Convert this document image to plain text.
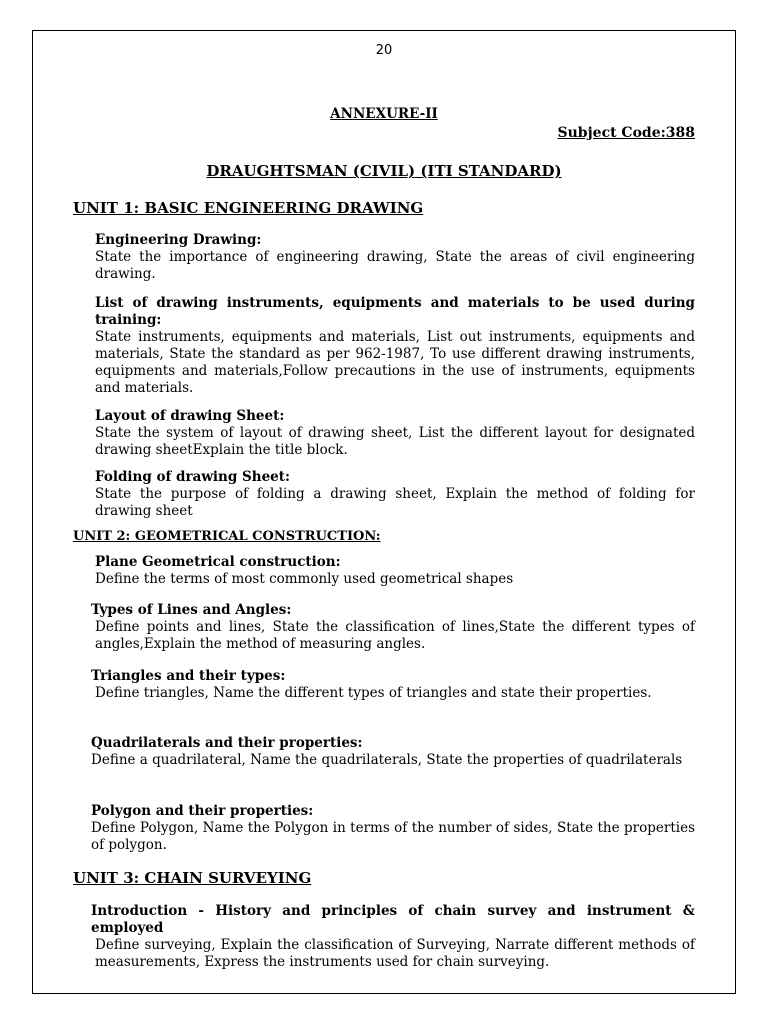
20
ANNEXURE-II
Subject Code:388
DRAUGHTSMAN (CIVIL) (ITI STANDARD)
UNIT 1: BASIC ENGINEERING DRAWING
Engineering Drawing:
State the importance of engineering drawing, State the areas of civil engineering drawing.
List of drawing instruments, equipments and materials to be used during training:
State instruments, equipments and materials, List out instruments, equipments and materials, State the standard as per 962-1987, To use different drawing instruments, equipments and materials,Follow precautions in the use of instruments, equipments and materials.
Layout of drawing Sheet:
State the system of layout of drawing sheet, List the different layout for designated drawing sheetExplain the title block.
Folding of drawing Sheet:
State the purpose of folding a drawing sheet, Explain the method of folding for drawing sheet
UNIT 2: GEOMETRICAL CONSTRUCTION:
Plane Geometrical construction:
Define the terms of most commonly used geometrical shapes
Types of Lines and Angles:
Define points and lines, State the classification of lines,State the different types of angles,Explain the method of measuring angles.
Triangles and their types:
Define triangles, Name the different types of triangles and state their properties.
Quadrilaterals and their properties:
Define a quadrilateral, Name the quadrilaterals, State the properties of quadrilaterals
Polygon and their properties:
Define Polygon, Name the Polygon in terms of the number of sides, State the properties of polygon.
UNIT 3: CHAIN SURVEYING
Introduction - History and principles of chain survey and instrument & employed
Define surveying, Explain the classification of Surveying, Narrate different methods of measurements, Express the instruments used for chain surveying.
